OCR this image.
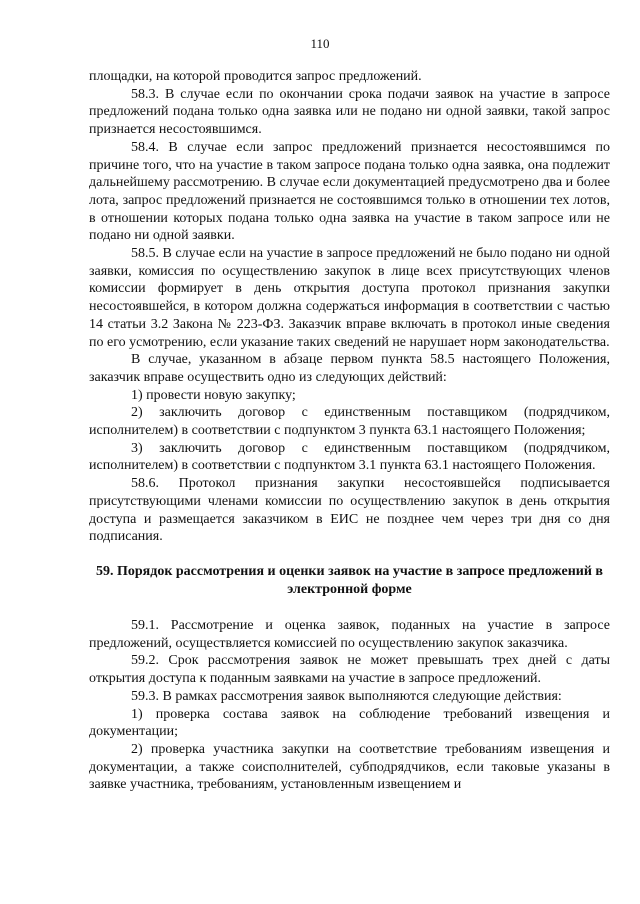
110

площадки, на которой проводится запрос предложений.

58.3. В случае если по окончании срока подачи заявок на участие в запросе предложений подана только одна заявка или не подано ни одной заявки, такой запрос признается несостоявшимся.

58.4. В случае если запрос предложений признается несостоявшимся по причине того, что на участие в таком запросе подана только одна заявка, она подлежит дальнейшему рассмотрению. В случае если документацией предусмотрено два и более лота, запрос предложений признается не состоявшимся только в отношении тех лотов, в отношении которых подана только одна заявка на участие в таком запросе или не подано ни одной заявки.

58.5. В случае если на участие в запросе предложений не было подано ни одной заявки, комиссия по осуществлению закупок в лице всех присутствующих членов комиссии формирует в день открытия доступа протокол признания закупки несостоявшейся, в котором должна содержаться информация в соответствии с частью 14 статьи 3.2 Закона № 223-ФЗ. Заказчик вправе включать в протокол иные сведения по его усмотрению, если указание таких сведений не нарушает норм законодательства.

В случае, указанном в абзаце первом пункта 58.5 настоящего Положения, заказчик вправе осуществить одно из следующих действий:

1) провести новую закупку;

2) заключить договор с единственным поставщиком (подрядчиком, исполнителем) в соответствии с подпунктом 3 пункта 63.1 настоящего Положения;

3) заключить договор с единственным поставщиком (подрядчиком, исполнителем) в соответствии с подпунктом 3.1 пункта 63.1 настоящего Положения.

58.6. Протокол признания закупки несостоявшейся подписывается присутствующими членами комиссии по осуществлению закупок в день открытия доступа и размещается заказчиком в ЕИС не позднее чем через три дня со дня подписания.

59. Порядок рассмотрения и оценки заявок на участие в запросе предложений в электронной форме

59.1. Рассмотрение и оценка заявок, поданных на участие в запросе предложений, осуществляется комиссией по осуществлению закупок заказчика.

59.2. Срок рассмотрения заявок не может превышать трех дней с даты открытия доступа к поданным заявками на участие в запросе предложений.

59.3. В рамках рассмотрения заявок выполняются следующие действия:

1) проверка состава заявок на соблюдение требований извещения и документации;

2) проверка участника закупки на соответствие требованиям извещения и документации, а также соисполнителей, субподрядчиков, если таковые указаны в заявке участника, требованиям, установленным извещением и
